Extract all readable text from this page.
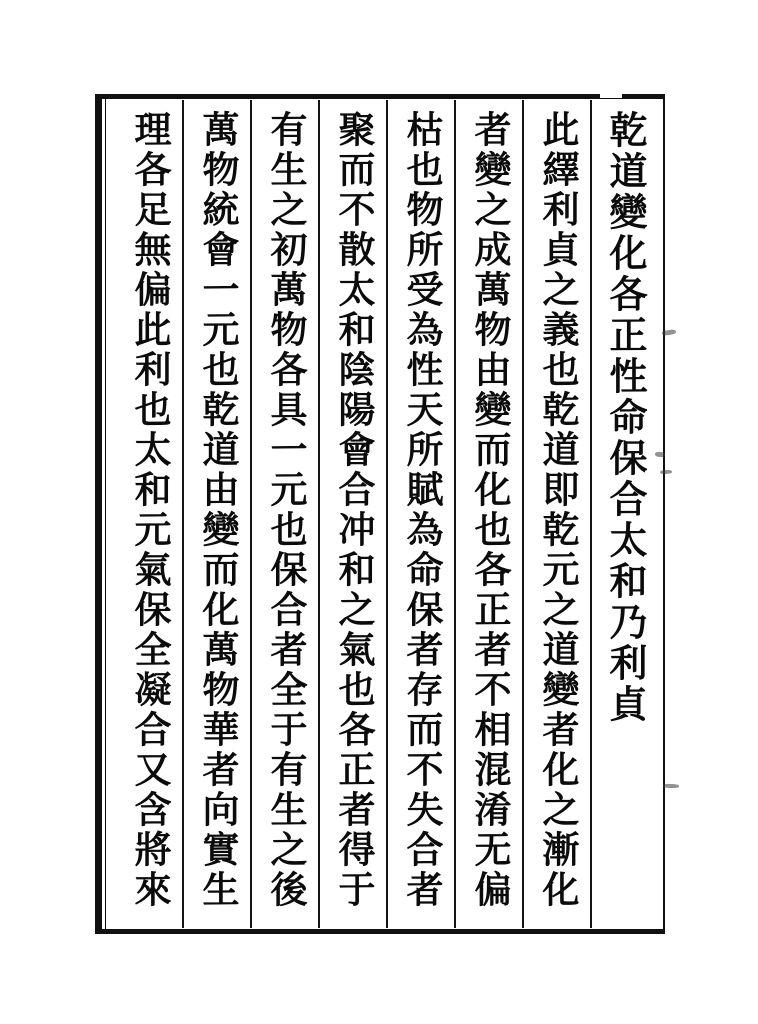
乾道變化各正性命保合太和乃利貞
此繹利貞之義也乾道即乾元之道變者化之漸化
者變之成萬物由變而化也各正者不相混淆无偏
枯也物所受為性天所賦為命保者存而不失合者
聚而不散太和陰陽會合冲和之氣也各正者得于
有生之初萬物各具一元也保合者全于有生之後
萬物統會一元也乾道由變而化萬物華者向實生
理各足無偏此利也太和元氣保全凝合又含將來
